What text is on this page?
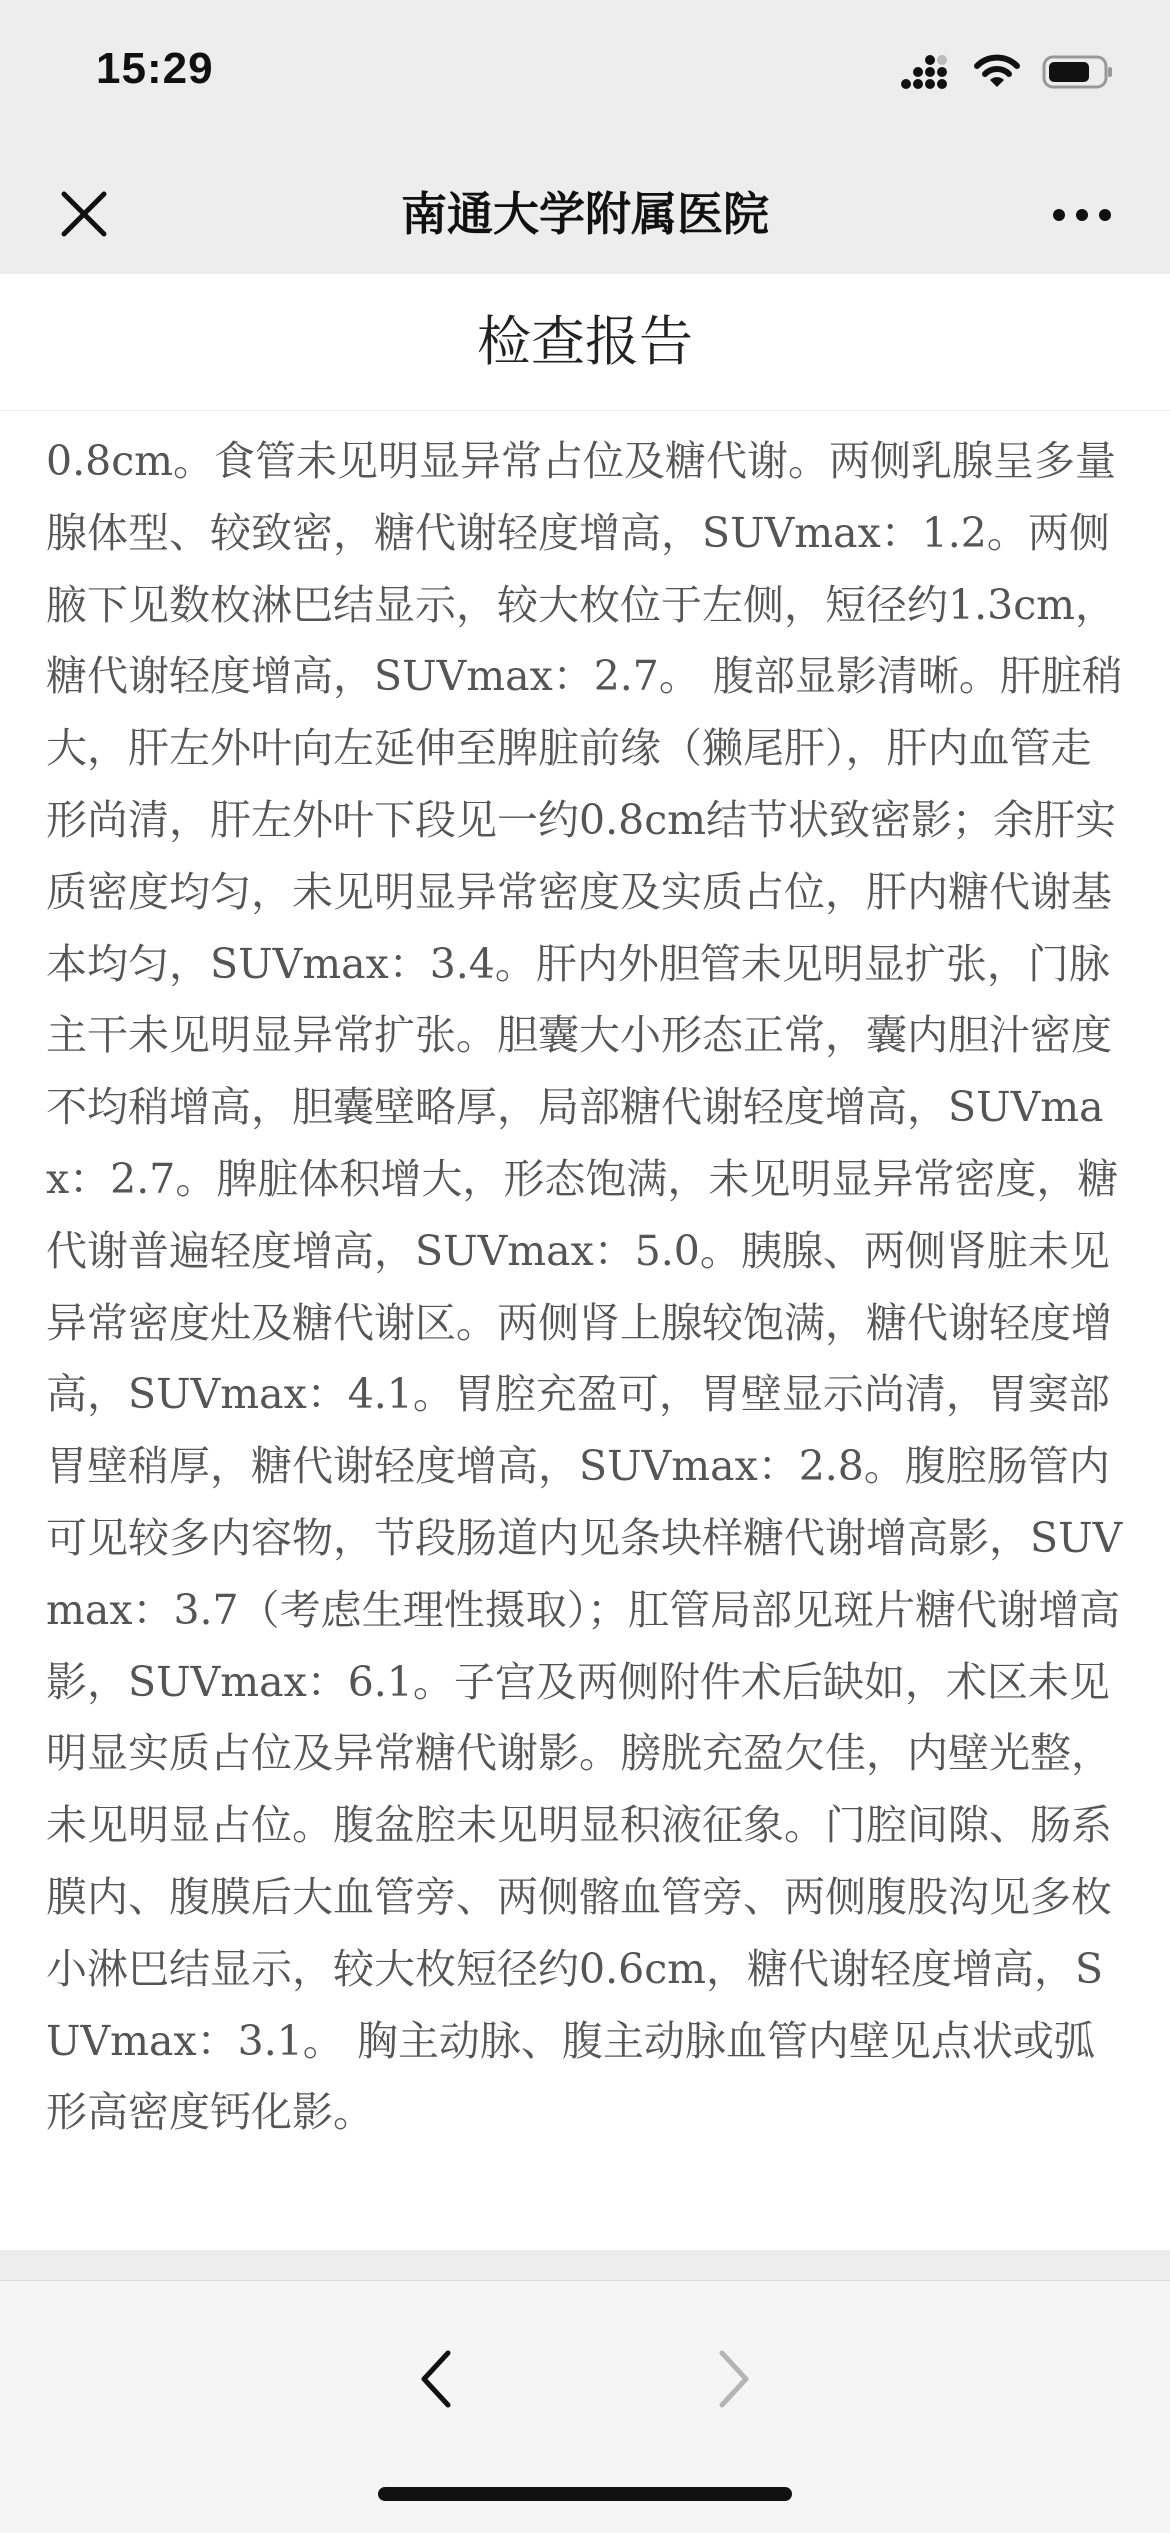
15:29
南通大学附属医院
检查报告
0.8cm。食管未见明显异常占位及糖代谢。两侧乳腺呈多量腺体型、较致密，糖代谢轻度增高，SUVmax：1.2。两侧腋下见数枚淋巴结显示，较大枚位于左侧，短径约1.3cm，糖代谢轻度增高，SUVmax：2.7。 腹部显影清晰。肝脏稍大，肝左外叶向左延伸至脾脏前缘（獭尾肝），肝内血管走形尚清，肝左外叶下段见一约0.8cm结节状致密影；余肝实质密度均匀，未见明显异常密度及实质占位，肝内糖代谢基本均匀，SUVmax：3.4。肝内外胆管未见明显扩张，门脉主干未见明显异常扩张。胆囊大小形态正常，囊内胆汁密度不均稍增高，胆囊壁略厚，局部糖代谢轻度增高，SUVmax：2.7。脾脏体积增大，形态饱满，未见明显异常密度，糖代谢普遍轻度增高，SUVmax：5.0。胰腺、两侧肾脏未见异常密度灶及糖代谢区。两侧肾上腺较饱满，糖代谢轻度增高，SUVmax：4.1。胃腔充盈可，胃壁显示尚清，胃窦部胃壁稍厚，糖代谢轻度增高，SUVmax：2.8。腹腔肠管内可见较多内容物，节段肠道内见条块样糖代谢增高影，SUVmax：3.7（考虑生理性摄取）；肛管局部见斑片糖代谢增高影，SUVmax：6.1。子宫及两侧附件术后缺如，术区未见明显实质占位及异常糖代谢影。膀胱充盈欠佳，内壁光整，未见明显占位。腹盆腔未见明显积液征象。门腔间隙、肠系膜内、腹膜后大血管旁、两侧髂血管旁、两侧腹股沟见多枚小淋巴结显示，较大枚短径约0.6cm，糖代谢轻度增高，SUVmax：3.1。 胸主动脉、腹主动脉血管内壁见点状或弧形高密度钙化影。
